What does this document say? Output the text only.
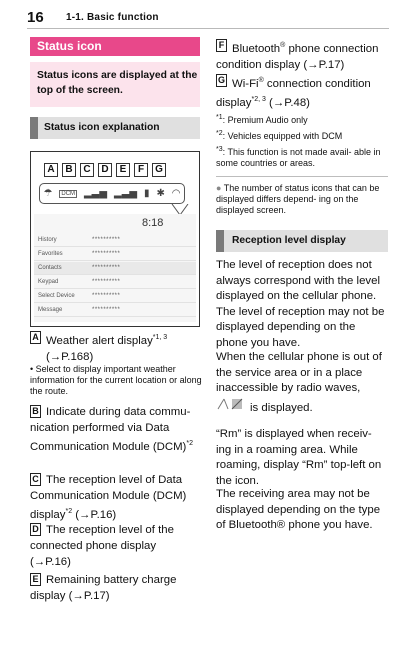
16 1-1. Basic function
Status icon
Status icons are displayed at the top of the screen.
Status icon explanation
A	B	C	D	E	F	G
☂	DCM ▂▃▅ ▂▃▅ ▮ ✱ ◠
8:18
History	**********
Favorites	**********
Contacts	**********
Keypad	**********
Select Device	**********
Message	**********
A Weather alert display$^{*1, 3}$
(→P.168)
• Select to display important weather information for the current location or along the route.
B Indicate during data commu- nication performed via Data Communication Module (DCM)$^{*2}$
C The reception level of Data Communication Module (DCM) display$^{*2}$ (→P.16)
D The reception level of the connected phone display
(→P.16)
E Remaining battery charge display (→P.17)
F Bluetooth® phone connection condition display (→P.17)
G Wi-Fi® connection condition display$^{*2, 3}$ (→P.48)
$^{*1}$: Premium Audio only
$^{*2}$: Vehicles equipped with DCM
$^{*3}$: This function is not made avail- able in some countries or areas.
● The number of status icons that can be displayed differs depend- ing on the displayed screen.
Reception level display
The level of reception does not always correspond with the level displayed on the cellular phone. The level of reception may not be displayed depending on the phone you have.
When the cellular phone is out of the service area or in a place inaccessible by radio waves,
is displayed.
“Rm” is displayed when receiv- ing in a roaming area. While roaming, display “Rm” top-left on the icon.
The receiving area may not be displayed depending on the type of Bluetooth® phone you have.
